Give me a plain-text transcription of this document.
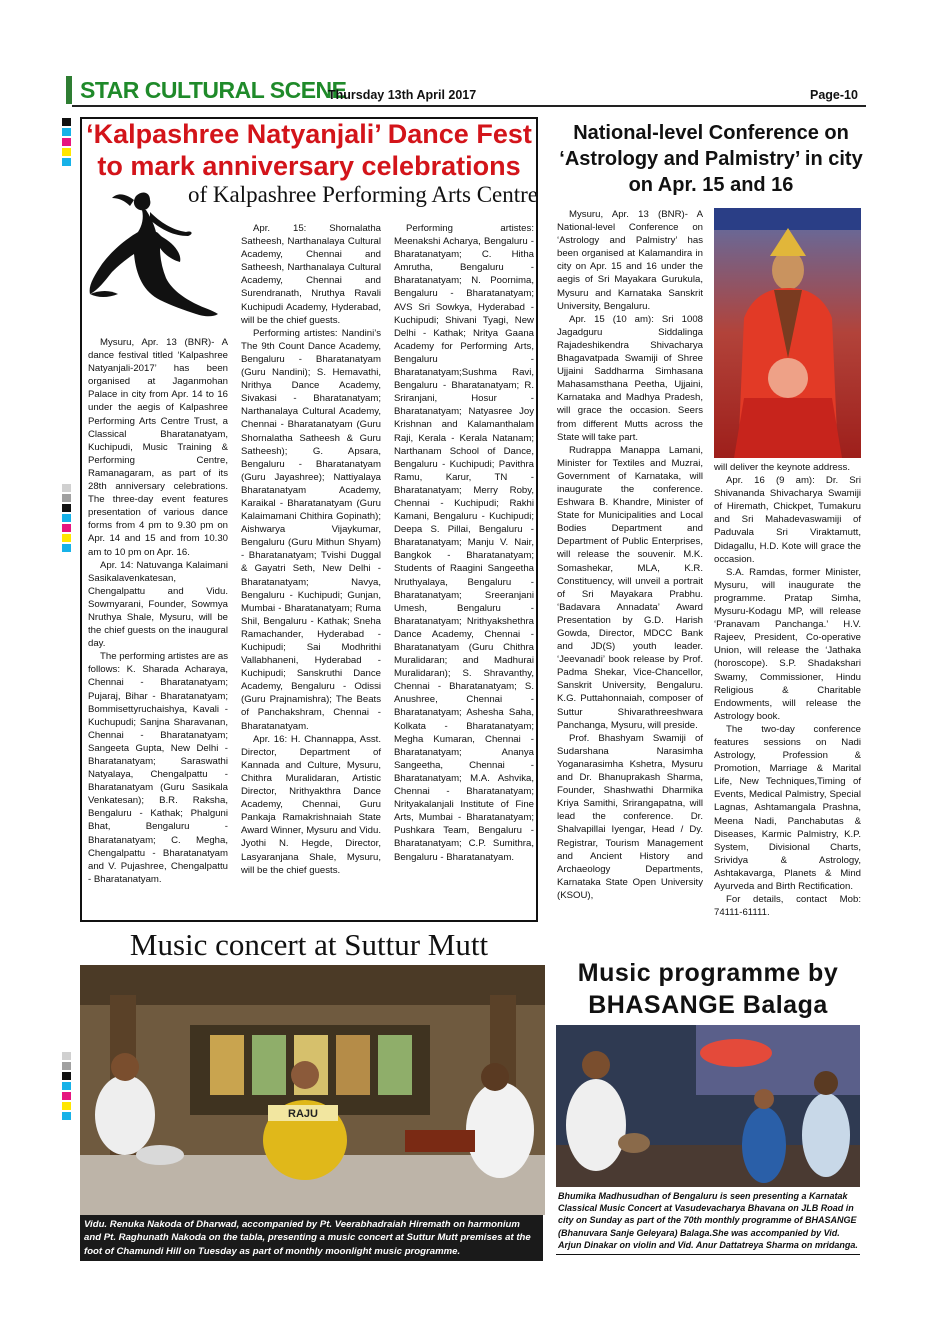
STAR CULTURAL SCENE
Thursday 13th April 2017	Page-10
‘Kalpashree Natyanjali’ Dance Fest to mark anniversary celebrations
of Kalpashree Performing Arts Centre

Mysuru, Apr. 13 (BNR)- A dance festival titled ‘Kalpashree Natyanjali-2017’ has been organised at Jaganmohan Palace in city from Apr. 14 to 16 under the aegis of Kalpashree Performing Arts Centre Trust, a Classical Bharatanatyam, Kuchipudi, Music Training & Performing Centre, Ramanagaram, as part of its 28th anniversary celebrations. The three-day event features presentation of various dance forms from 4 pm to 9.30 pm on Apr. 14 and 15 and from 10.30 am to 10 pm on Apr. 16.

Apr. 14: Natuvanga Kalaimani Sasikalavenkatesan, Chengalpattu and Vidu. Sowmyarani, Founder, Sowmya Nruthya Shale, Mysuru, will be the chief guests on the inaugural day.

The performing artistes are as follows: K. Sharada Acharaya, Chennai - Bharatanatyam; Pujaraj, Bihar - Bharatanatyam; Bommisettyruchaishya, Kavali - Kuchupudi; Sanjna Sharavanan, Chennai - Bharatanatyam; Sangeeta Gupta, New Delhi - Bharatanatyam; Saraswathi Natyalaya, Chengalpattu - Bharatanatyam (Guru Sasikala Venkatesan); B.R. Raksha, Bengaluru - Kathak; Phalguni Bhat, Bengaluru - Bharatanatyam; C. Megha, Chengalpattu - Bharatanatyam and V. Pujashree, Chengalpattu - Bharatanatyam.

Apr. 15: Shornalatha Satheesh, Narthanalaya Cultural Academy, Chennai and Satheesh, Narthanalaya Cultural Academy, Chennai and Surendranath, Nruthya Ravali Kuchipudi Academy, Hyderabad, will be the chief guests.

Performing artistes: Nandini’s The 9th Count Dance Academy, Bengaluru - Bharatanatyam (Guru Nandini); S. Hemavathi, Nrithya Dance Academy, Sivakasi - Bharatanatyam; Narthanalaya Cultural Academy, Chennai - Bharatanatyam (Guru Shornalatha Satheesh & Guru Satheesh); G. Apsara, Bengaluru - Bharatanatyam (Guru Jayashree); Nattiyalaya Bharatanatyam Academy, Karaikal - Bharatanatyam (Guru Kalaimamani Chithira Gopinath); Aishwarya Vijaykumar, Bengaluru (Guru Mithun Shyam) - Bharatanatyam; Tvishi Duggal & Gayatri Seth, New Delhi - Bharatanatyam; Navya, Bengaluru - Kuchipudi; Gunjan, Mumbai - Bharatanatyam; Ruma Shil, Bengaluru - Kathak; Sneha Ramachander, Hyderabad - Kuchipudi; Sai Modhrithi Vallabhaneni, Hyderabad - Kuchipudi; Sanskruthi Dance Academy, Bengaluru - Odissi (Guru Prajnamishra); The Beats of Panchakshram, Chennai - Bharatanatyam.

Apr. 16: H. Channappa, Asst. Director, Department of Kannada and Culture, Mysuru, Chithra Muralidaran, Artistic Director, Nrithyakthra Dance Academy, Chennai, Guru Pankaja Ramakrishnaiah State Award Winner, Mysuru and Vidu. Jyothi N. Hegde, Director, Lasyaranjana Shale, Mysuru, will be the chief guests.

Performing artistes: Meenakshi Acharya, Bengaluru -Bharatanatyam; C. Hitha Amrutha, Bengaluru - Bharatanatyam; N. Poornima, Bengaluru - Bharatanatyam; AVS Sri Sowkya, Hyderabad - Kuchipudi; Shivani Tyagi, New Delhi - Kathak; Nritya Gaana Academy for Performing Arts, Bengaluru - Bharatanatyam;Sushma Ravi, Bengaluru - Bharatanatyam; R. Sriranjani, Hosur - Bharatanatyam; Natyasree Joy Krishnan and Kalamanthalam Raji, Kerala - Kerala Natanam; Narthanam School of Dance, Bengaluru - Kuchipudi; Pavithra Ramu, Karur, TN - Bharatanatyam; Merry Roby, Chennai - Kuchipudi; Rakhi Kamani, Bengaluru - Kuchipudi; Deepa S. Pillai, Bengaluru - Bharatanatyam; Manju V. Nair, Bangkok - Bharatanatyam; Students of Raagini Sangeetha Nruthyalaya, Bengaluru - Bharatanatyam; Sreeranjani Umesh, Bengaluru - Bharatanatyam; Nrithyakshethra Dance Academy, Chennai - Bharatanatyam (Guru Chithra Muralidaran; and Madhurai Muralidaran); S. Shravanthy, Chennai - Bharatanatyam; S. Anushree, Chennai - Bharatanatyam; Ashesha Saha, Kolkata - Bharatanatyam; Megha Kumaran, Chennai - Bharatanatyam; Ananya Sangeetha, Chennai - Bharatanatyam; M.A. Ashvika, Chennai - Bharatanatyam; Nrityakalanjali Institute of Fine Arts, Mumbai - Bharatanatyam; Pushkara Team, Bengaluru - Bharatanatyam; C.P. Sumithra, Bengaluru - Bharatanatyam.

National-level Conference on ‘Astrology and Palmistry’ in city on Apr. 15 and 16

Mysuru, Apr. 13 (BNR)- A National-level Conference on ‘Astrology and Palmistry’ has been organised at Kalamandira in city on Apr. 15 and 16 under the aegis of Sri Mayakara Gurukula, Mysuru and Karnataka Sanskrit University, Bengaluru.

Apr. 15 (10 am): Sri 1008 Jagadguru Siddalinga Rajadeshikendra Shivacharya Bhagavatpada Swamiji of Shree Ujjaini Saddharma Simhasana Mahasamsthana Peetha, Ujjaini, Karnataka and Madhya Pradesh, will grace the occasion. Seers from different Mutts across the State will take part.

Rudrappa Manappa Lamani, Minister for Textiles and Muzrai, Government of Karnataka, will inaugurate the conference. Eshwara B. Khandre, Minister of State for Municipalities and Local Bodies Department and Department of Public Enterprises, will release the souvenir. M.K. Somashekar, MLA, K.R. Constituency, will unveil a portrait of Sri Mayakara Prabhu. ‘Badavara Annadata’ Award Presentation by G.D. Harish Gowda, Director, MDCC Bank and JD(S) youth leader. ‘Jeevanadi’ book release by Prof. Padma Shekar, Vice-Chancellor, Sanskrit University, Bengaluru. K.G. Puttahonnaiah, composer of Suttur Shivarathreeshwara Panchanga, Mysuru, will preside.

Prof. Bhashyam Swamiji of Sudarshana Narasimha Yoganarasimha Kshetra, Mysuru and Dr. Bhanuprakash Sharma, Founder, Shashwathi Dharmika Kriya Samithi, Srirangapatna, will lead the conference. Dr. Shalvapillai Iyengar, Head / Dy. Registrar, Tourism Management and Ancient History and Archaeology Departments, Karnataka State Open University (KSOU),

will deliver the keynote address.

Apr. 16 (9 am): Dr. Sri Shivananda Shivacharya Swamiji of Hiremath, Chickpet, Tumakuru and Sri Mahadevaswamiji of Paduvala Sri Viraktamutt, Didagallu, H.D. Kote will grace the occasion.

S.A. Ramdas, former Minister, Mysuru, will inaugurate the programme. Pratap Simha, Mysuru-Kodagu MP, will release ‘Pranavam Panchanga.’ H.V. Rajeev, President, Co-operative Union, will release the ‘Jathaka (horoscope). S.P. Shadakshari Swamy, Commissioner, Hindu Religious & Charitable Endowments, will release the Astrology book.

The two-day conference features sessions on Nadi Astrology, Profession & Promotion, Marriage & Marital Life, New Techniques,Timing of Events, Medical Palmistry, Special Lagnas, Ashtamangala Prashna, Meena Nadi, Panchabutas & Diseases, Karmic Palmistry, K.P. System, Divisional Charts, Srividya & Astrology, Ashtakavarga, Planets & Mind Ayurveda and Birth Rectification.

For details, contact Mob: 74111-61111.

Music concert at Suttur Mutt
RAJU
Vidu. Renuka Nakoda of Dharwad, accompanied by Pt. Veerabhadraiah Hiremath on harmonium and Pt. Raghunath Nakoda on the tabla, presenting a music concert at Suttur Mutt premises at the foot of Chamundi Hill on Tuesday as part of monthly moonlight music programme.
Music programme by BHASANGE Balaga
Bhumika Madhusudhan of Bengaluru is seen presenting a Karnatak Classical Music Concert at Vasudevacharya Bhavana on JLB Road in city on Sunday as part of the 70th monthly programme of BHASANGE (Bhanuvara Sanje Geleyara) Balaga.She was accompanied by Vid. Arjun Dinakar on violin and Vid. Anur Dattatreya Sharma on mridanga.
